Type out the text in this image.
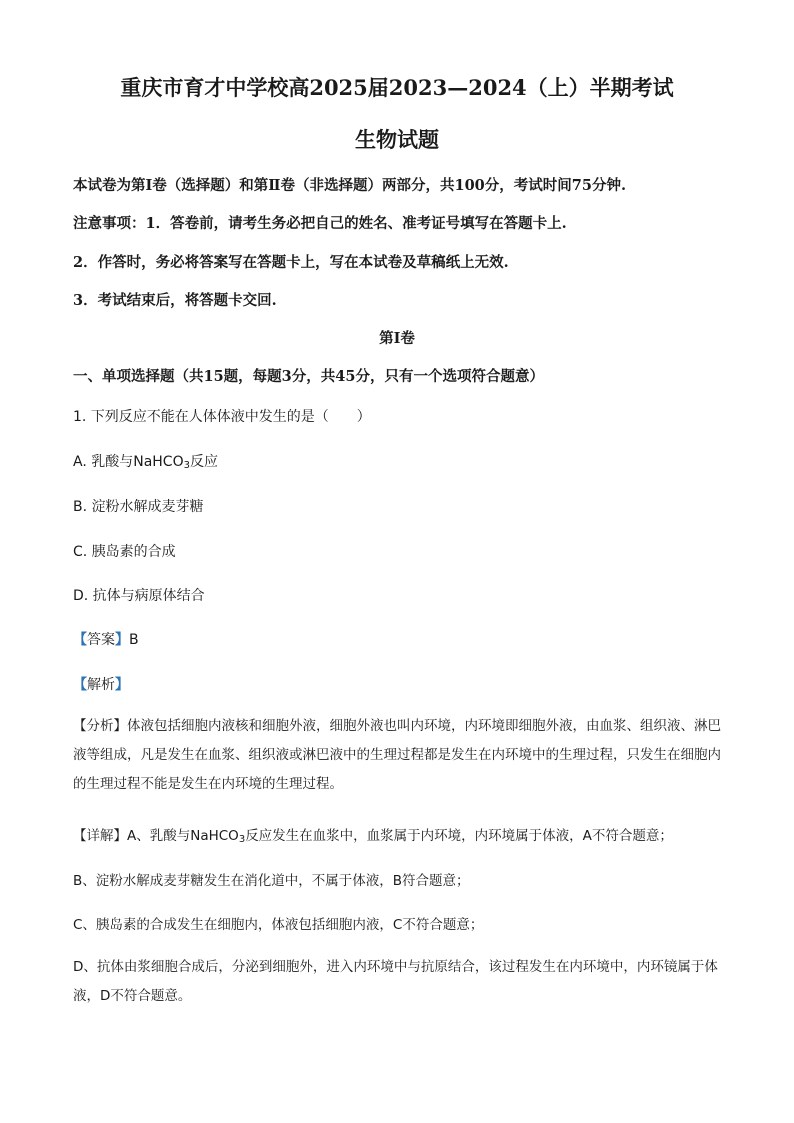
重庆市育才中学校高2025届2023—2024（上）半期考试
生物试题
本试卷为第Ⅰ卷（选择题）和第Ⅱ卷（非选择题）两部分，共100分，考试时间75分钟.
注意事项：1．答卷前，请考生务必把自己的姓名、准考证号填写在答题卡上.
2．作答时，务必将答案写在答题卡上，写在本试卷及草稿纸上无效.
3．考试结束后，将答题卡交回.
第Ⅰ卷
一、单项选择题（共15题，每题3分，共45分，只有一个选项符合题意）
1. 下列反应不能在人体体液中发生的是（　　）
A. 乳酸与NaHCO$_3$反应
B. 淀粉水解成麦芽糖
C. 胰岛素的合成
D. 抗体与病原体结合
【答案】B
【解析】
【分析】体液包括细胞内液核和细胞外液，细胞外液也叫内环境，内环境即细胞外液，由血浆、组织液、淋巴液等组成，凡是发生在血浆、组织液或淋巴液中的生理过程都是发生在内环境中的生理过程，只发生在细胞内的生理过程不能是发生在内环境的生理过程。
【详解】A、乳酸与NaHCO$_3$反应发生在血浆中，血浆属于内环境，内环境属于体液，A不符合题意；
B、淀粉水解成麦芽糖发生在消化道中，不属于体液，B符合题意；
C、胰岛素的合成发生在细胞内，体液包括细胞内液，C不符合题意；
D、抗体由浆细胞合成后，分泌到细胞外，进入内环境中与抗原结合，该过程发生在内环境中，内环镜属于体液，D不符合题意。
